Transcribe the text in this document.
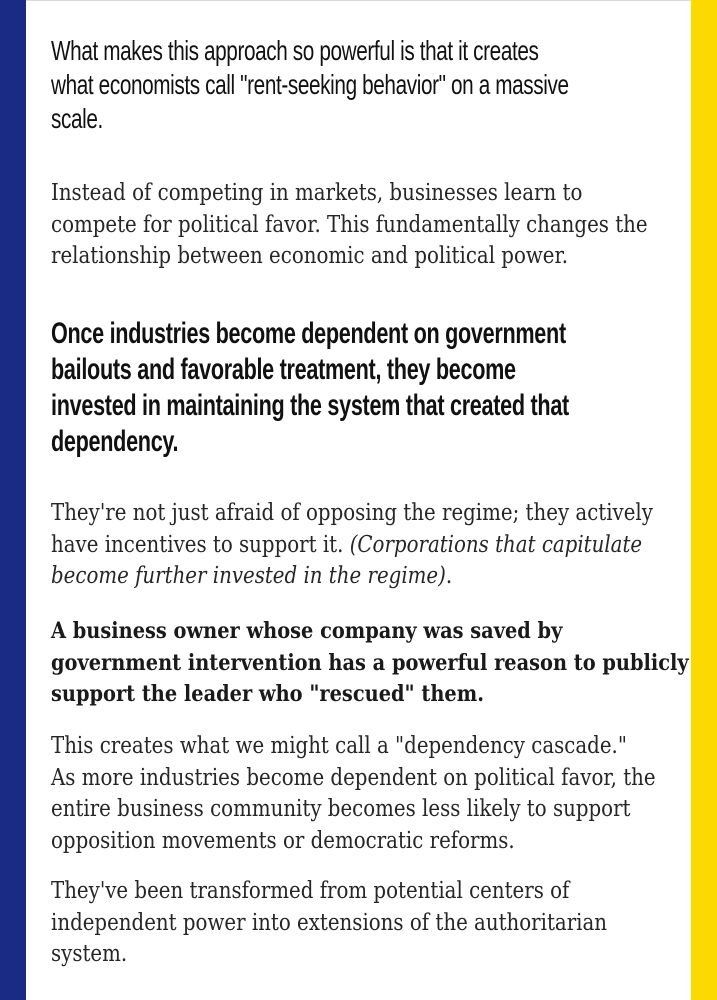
What makes this approach so powerful is that it creates
what economists call "rent-seeking behavior" on a massive
scale.

Instead of competing in markets, businesses learn to
compete for political favor. This fundamentally changes the
relationship between economic and political power.

Once industries become dependent on government
bailouts and favorable treatment, they become
invested in maintaining the system that created that
dependency.

They're not just afraid of opposing the regime; they actively
have incentives to support it. (Corporations that capitulate
become further invested in the regime).

A business owner whose company was saved by
government intervention has a powerful reason to publicly
support the leader who "rescued" them.

This creates what we might call a "dependency cascade."
As more industries become dependent on political favor, the
entire business community becomes less likely to support
opposition movements or democratic reforms.

They've been transformed from potential centers of
independent power into extensions of the authoritarian
system.
